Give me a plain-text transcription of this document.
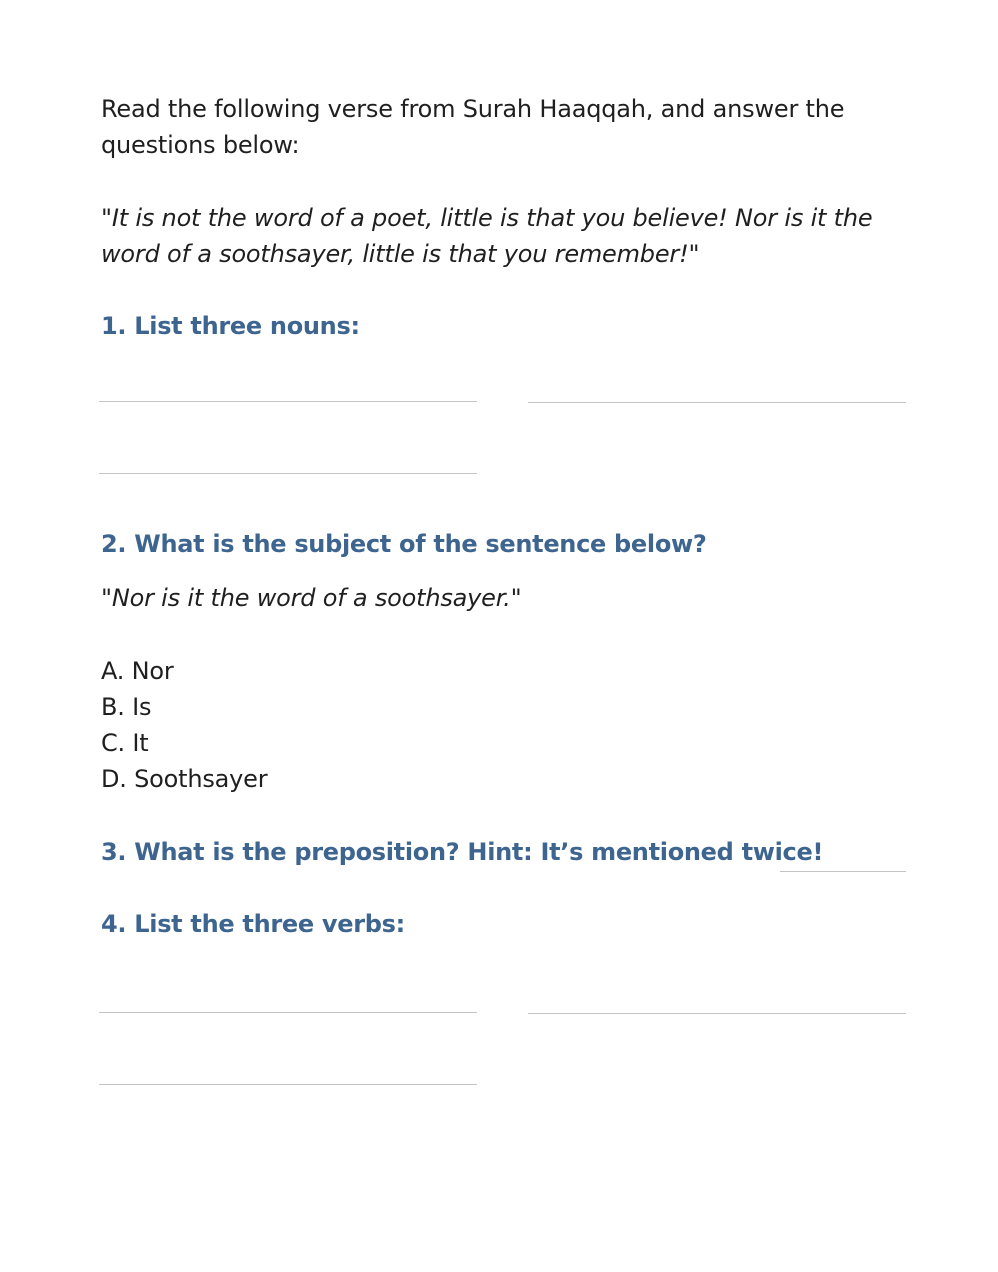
Read the following verse from Surah Haaqqah, and answer the questions below:

"It is not the word of a poet, little is that you believe! Nor is it the word of a soothsayer, little is that you remember!"

1. List three nouns:

2. What is the subject of the sentence below?

"Nor is it the word of a soothsayer."

A. Nor
B. Is
C. It
D. Soothsayer

3. What is the preposition? Hint: It’s mentioned twice!

4. List the three verbs:
